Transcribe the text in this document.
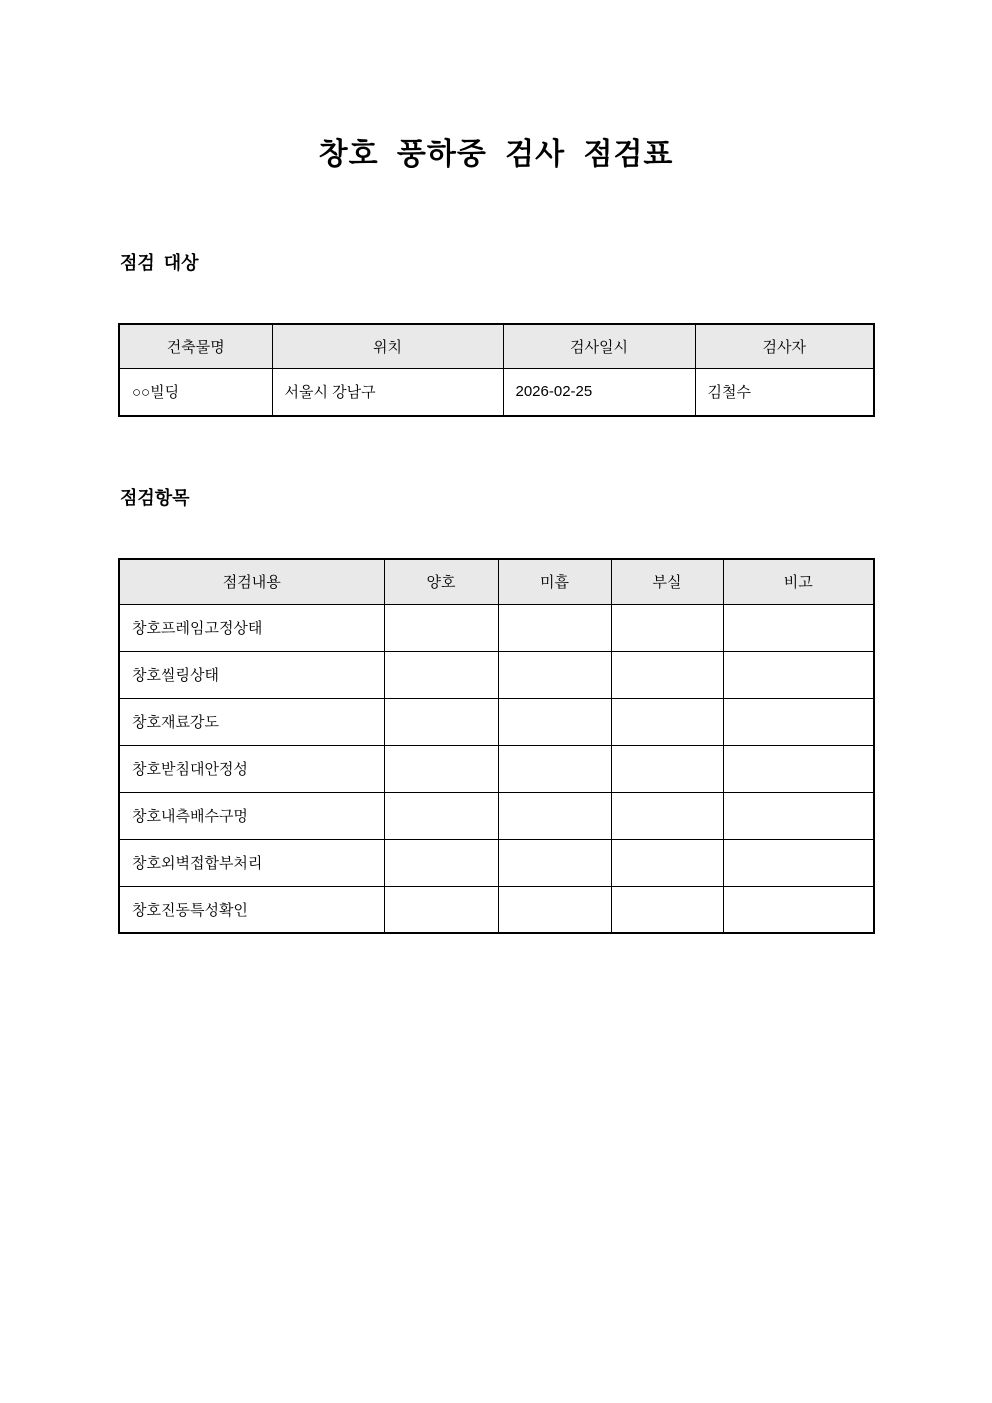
창호 풍하중 검사 점검표
점검 대상
건축물명	위치	검사일시	검사자
○○빌딩	서울시 강남구	2026-02-25	김철수
점검항목
점검내용	양호	미흡	부실	비고
창호프레임고정상태				
창호씰링상태				
창호재료강도				
창호받침대안정성				
창호내측배수구멍				
창호외벽접합부처리				
창호진동특성확인				
